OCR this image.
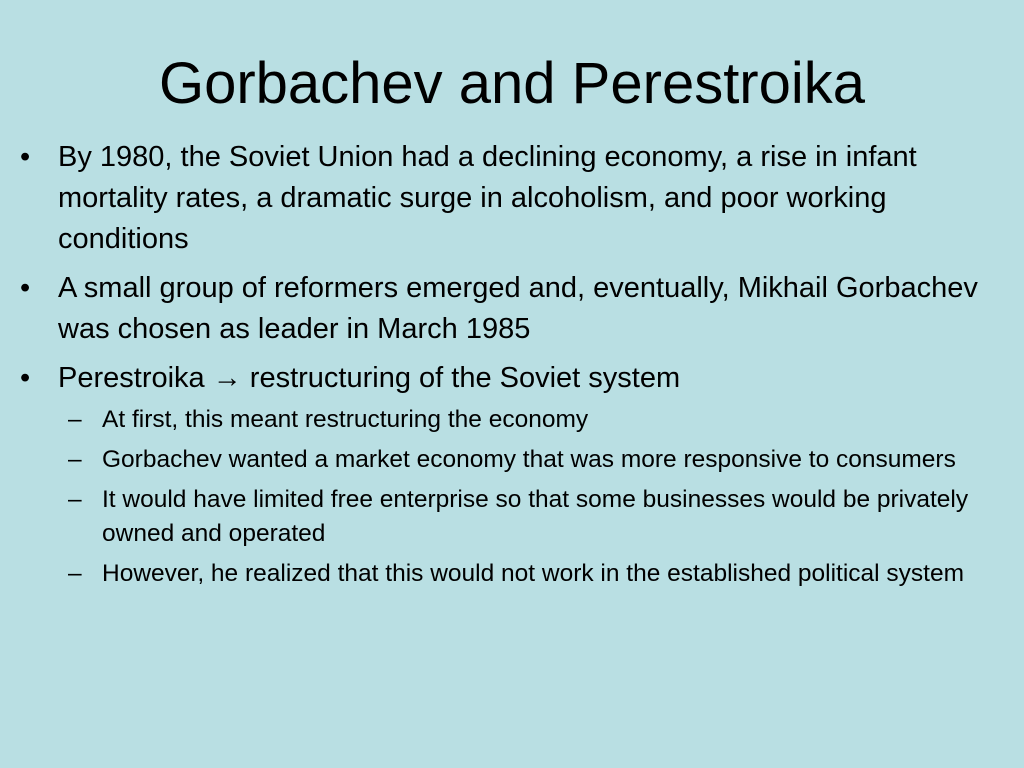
Gorbachev and Perestroika
• By 1980, the Soviet Union had a declining economy, a rise in infant mortality rates, a dramatic surge in alcoholism, and poor working conditions
• A small group of reformers emerged and, eventually, Mikhail Gorbachev was chosen as leader in March 1985
• Perestroika → restructuring of the Soviet system
– At first, this meant restructuring the economy
– Gorbachev wanted a market economy that was more responsive to consumers
– It would have limited free enterprise so that some businesses would be privately owned and operated
– However, he realized that this would not work in the established political system
